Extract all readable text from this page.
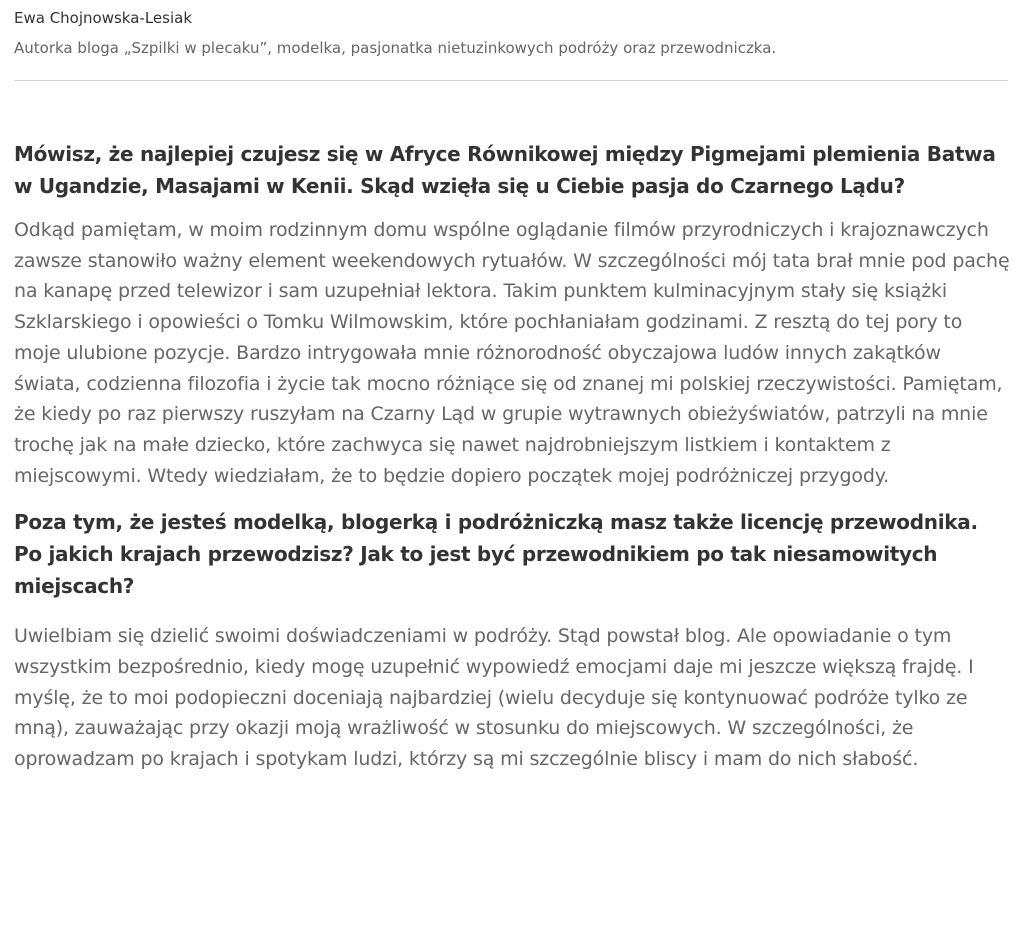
Ewa Chojnowska-Lesiak

Autorka bloga „Szpilki w plecaku”, modelka, pasjonatka nietuzinkowych podróży oraz przewodniczka.

Mówisz, że najlepiej czujesz się w Afryce Równikowej między Pigmejami plemienia Batwa w Ugandzie, Masajami w Kenii. Skąd wzięła się u Ciebie pasja do Czarnego Lądu?

Odkąd pamiętam, w moim rodzinnym domu wspólne oglądanie filmów przyrodniczych i krajoznawczych zawsze stanowiło ważny element weekendowych rytuałów. W szczególności mój tata brał mnie pod pachę na kanapę przed telewizor i sam uzupełniał lektora. Takim punktem kulminacyjnym stały się książki Szklarskiego i opowieści o Tomku Wilmowskim, które pochłaniałam godzinami. Z resztą do tej pory to moje ulubione pozycje. Bardzo intrygowała mnie różnorodność obyczajowa ludów innych zakątków świata, codzienna filozofia i życie tak mocno różniące się od znanej mi polskiej rzeczywistości. Pamiętam, że kiedy po raz pierwszy ruszyłam na Czarny Ląd w grupie wytrawnych obieżyświatów, patrzyli na mnie trochę jak na małe dziecko, które zachwyca się nawet najdrobniejszym listkiem i kontaktem z miejscowymi. Wtedy wiedziałam, że to będzie dopiero początek mojej podróżniczej przygody.

Poza tym, że jesteś modelką, blogerką i podróżniczką masz także licencję przewodnika. Po jakich krajach przewodzisz? Jak to jest być przewodnikiem po tak niesamowitych miejscach?

Uwielbiam się dzielić swoimi doświadczeniami w podróży. Stąd powstał blog. Ale opowiadanie o tym wszystkim bezpośrednio, kiedy mogę uzupełnić wypowiedź emocjami daje mi jeszcze większą frajdę. I myślę, że to moi podopieczni doceniają najbardziej (wielu decyduje się kontynuować podróże tylko ze mną), zauważając przy okazji moją wrażliwość w stosunku do miejscowych. W szczególności, że oprowadzam po krajach i spotykam ludzi, którzy są mi szczególnie bliscy i mam do nich słabość.
